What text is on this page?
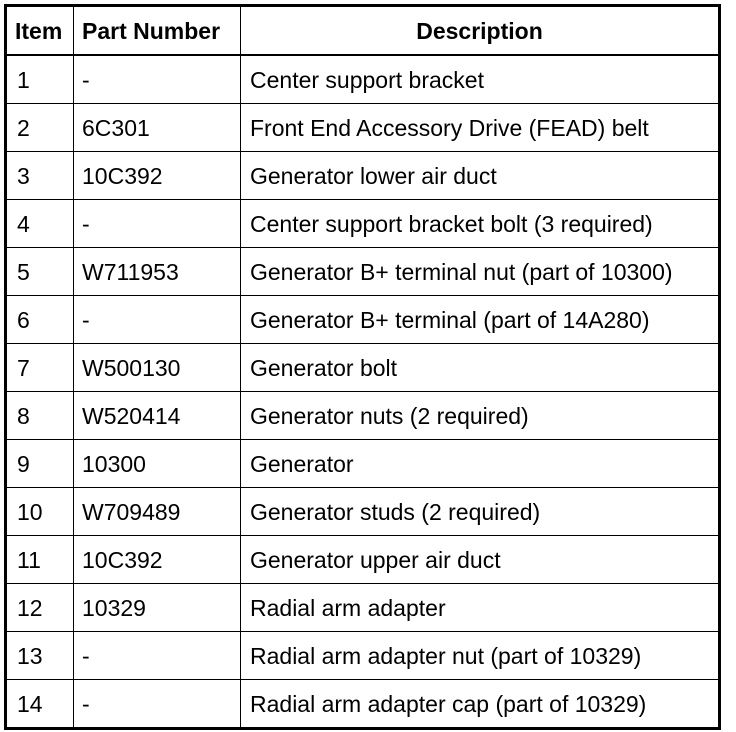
Item	Part Number	Description
1	-	Center support bracket
2	6C301	Front End Accessory Drive (FEAD) belt
3	10C392	Generator lower air duct
4	-	Center support bracket bolt (3 required)
5	W711953	Generator B+ terminal nut (part of 10300)
6	-	Generator B+ terminal (part of 14A280)
7	W500130	Generator bolt
8	W520414	Generator nuts (2 required)
9	10300	Generator
10	W709489	Generator studs (2 required)
11	10C392	Generator upper air duct
12	10329	Radial arm adapter
13	-	Radial arm adapter nut (part of 10329)
14	-	Radial arm adapter cap (part of 10329)
